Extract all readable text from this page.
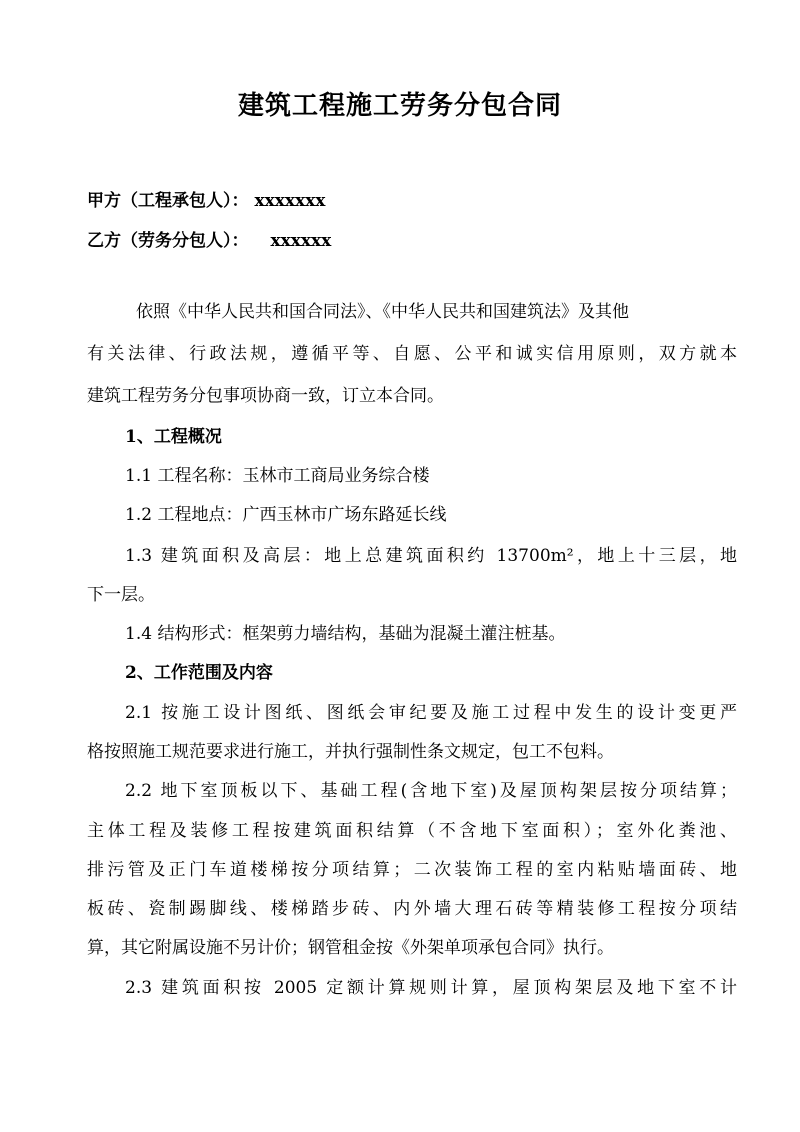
建筑工程施工劳务分包合同
甲方（工程承包人）： xxxxxxx
乙方（劳务分包人）： xxxxxx
依照《中华人民共和国合同法》、《中华人民共和国建筑法》及其他
有关法律、行政法规，遵循平等、自愿、公平和诚实信用原则，双方就本
建筑工程劳务分包事项协商一致，订立本合同。
1、工程概况
1.1 工程名称：玉林市工商局业务综合楼
1.2 工程地点：广西玉林市广场东路延长线
1.3 建筑面积及高层：地上总建筑面积约 13700m²，地上十三层，地
下一层。
1.4 结构形式：框架剪力墙结构，基础为混凝土灌注桩基。
2、工作范围及内容
2.1 按施工设计图纸、图纸会审纪要及施工过程中发生的设计变更严
格按照施工规范要求进行施工，并执行强制性条文规定，包工不包料。
2.2 地下室顶板以下、基础工程(含地下室)及屋顶构架层按分项结算；
主体工程及装修工程按建筑面积结算（不含地下室面积）；室外化粪池、
排污管及正门车道楼梯按分项结算；二次装饰工程的室内粘贴墙面砖、地
板砖、瓷制踢脚线、楼梯踏步砖、内外墙大理石砖等精装修工程按分项结
算，其它附属设施不另计价；钢管租金按《外架单项承包合同》执行。
2.3 建筑面积按 2005 定额计算规则计算，屋顶构架层及地下室不计
